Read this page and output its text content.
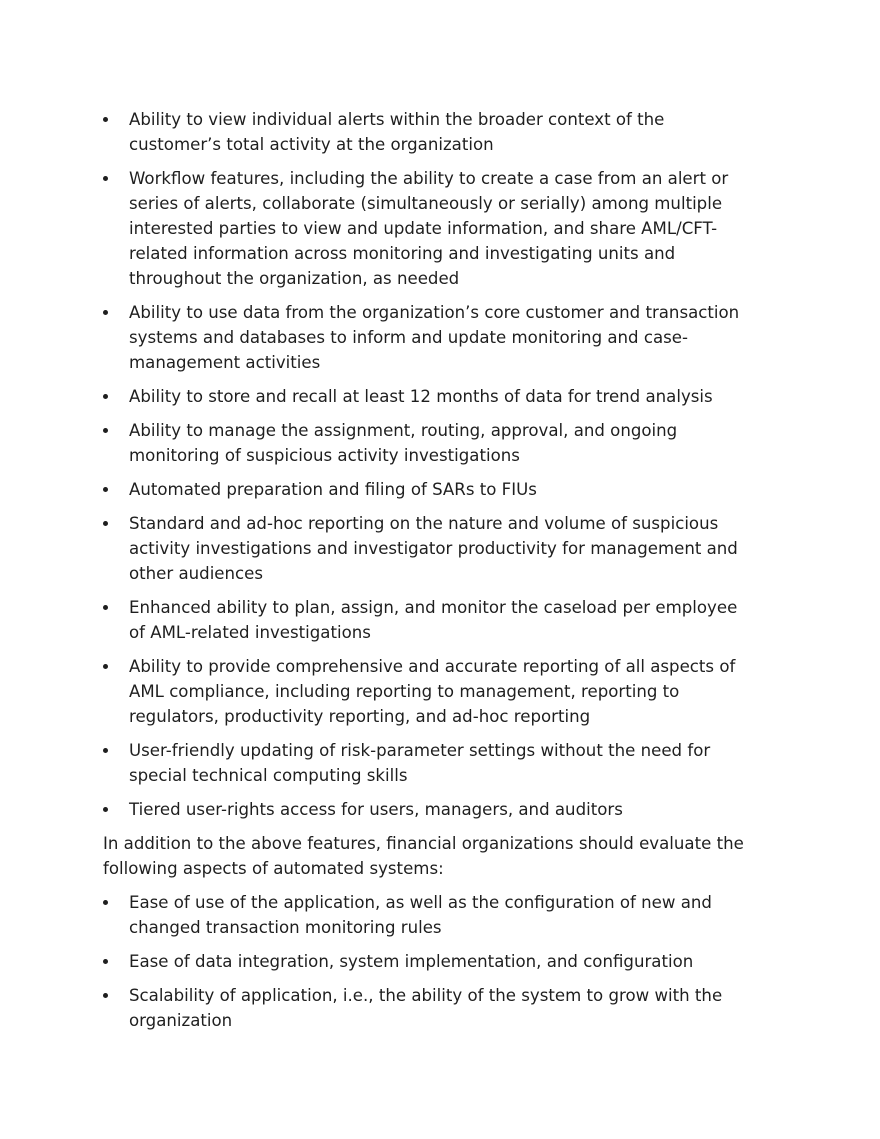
Ability to view individual alerts within the broader context of the customer’s total activity at the organization
Workflow features, including the ability to create a case from an alert or series of alerts, collaborate (simultaneously or serially) among multiple interested parties to view and update information, and share AML/CFT-related information across monitoring and investigating units and throughout the organization, as needed
Ability to use data from the organization’s core customer and transaction systems and databases to inform and update monitoring and case-management activities
Ability to store and recall at least 12 months of data for trend analysis
Ability to manage the assignment, routing, approval, and ongoing monitoring of suspicious activity investigations
Automated preparation and filing of SARs to FIUs
Standard and ad-hoc reporting on the nature and volume of suspicious activity investigations and investigator productivity for management and other audiences
Enhanced ability to plan, assign, and monitor the caseload per employee of AML-related investigations
Ability to provide comprehensive and accurate reporting of all aspects of AML compliance, including reporting to management, reporting to regulators, productivity reporting, and ad-hoc reporting
User-friendly updating of risk-parameter settings without the need for special technical computing skills
Tiered user-rights access for users, managers, and auditors

In addition to the above features, financial organizations should evaluate the following aspects of automated systems:

Ease of use of the application, as well as the configuration of new and changed transaction monitoring rules
Ease of data integration, system implementation, and configuration
Scalability of application, i.e., the ability of the system to grow with the organization
